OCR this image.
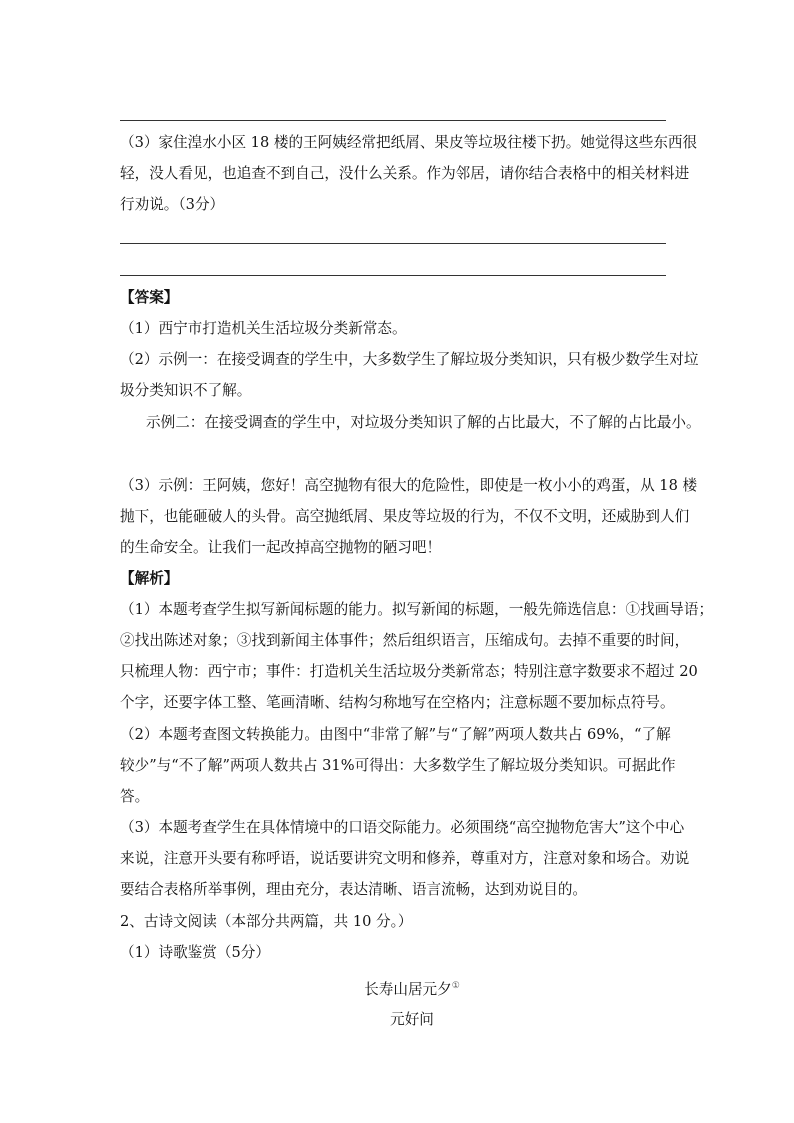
（3）家住湟水小区 18 楼的王阿姨经常把纸屑、果皮等垃圾往楼下扔。她觉得这些东西很
轻，没人看见，也追查不到自己，没什么关系。作为邻居，请你结合表格中的相关材料进
行劝说。（3分）
【答案】
（1）西宁市打造机关生活垃圾分类新常态。
（2）示例一：在接受调查的学生中，大多数学生了解垃圾分类知识，只有极少数学生对垃
圾分类知识不了解。
示例二：在接受调查的学生中，对垃圾分类知识了解的占比最大，不了解的占比最小。
（3）示例：王阿姨，您好！高空抛物有很大的危险性，即使是一枚小小的鸡蛋，从 18 楼
抛下，也能砸破人的头骨。高空抛纸屑、果皮等垃圾的行为，不仅不文明，还威胁到人们
的生命安全。让我们一起改掉高空抛物的陋习吧！
【解析】
（1）本题考查学生拟写新闻标题的能力。拟写新闻的标题，一般先筛选信息：①找画导语；
②找出陈述对象；③找到新闻主体事件；然后组织语言，压缩成句。去掉不重要的时间，
只梳理人物：西宁市；事件：打造机关生活垃圾分类新常态；特别注意字数要求不超过 20
个字，还要字体工整、笔画清晰、结构匀称地写在空格内；注意标题不要加标点符号。
（2）本题考查图文转换能力。由图中“非常了解”与“了解”两项人数共占 69%，“了解
较少”与“不了解”两项人数共占 31%可得出：大多数学生了解垃圾分类知识。可据此作
答。
（3）本题考查学生在具体情境中的口语交际能力。必须围绕“高空抛物危害大”这个中心
来说，注意开头要有称呼语，说话要讲究文明和修养，尊重对方，注意对象和场合。劝说
要结合表格所举事例，理由充分，表达清晰、语言流畅，达到劝说目的。
2、古诗文阅读（本部分共两篇，共 10 分。）
（1）诗歌鉴赏（5分）
长寿山居元夕①
元好问
